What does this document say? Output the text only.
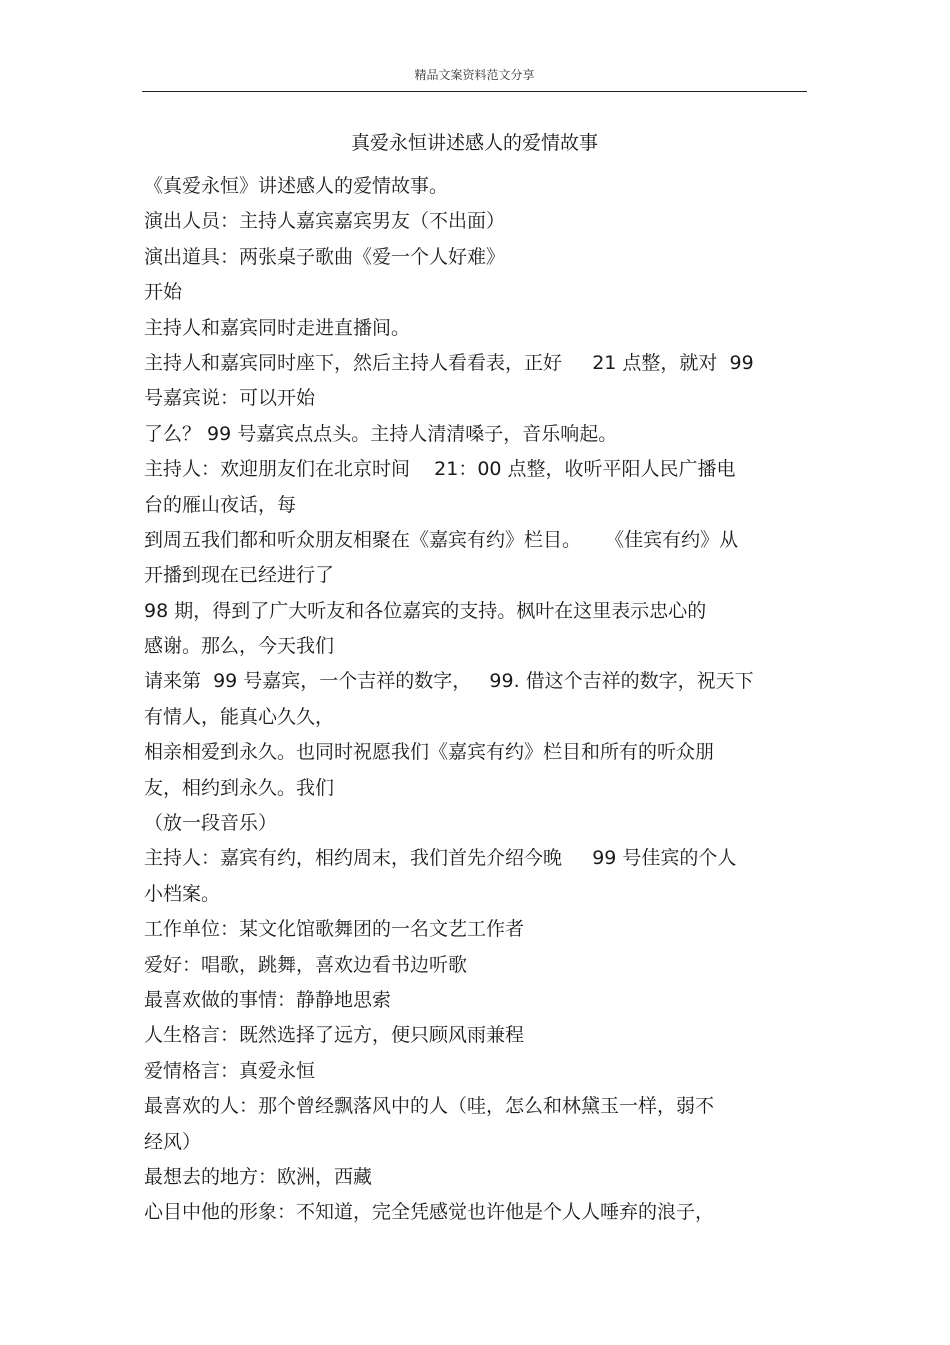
精品文案资料范文分享
真爱永恒讲述感人的爱情故事
《真爱永恒》讲述感人的爱情故事。
演出人员：主持人嘉宾嘉宾男友（不出面）
演出道具：两张桌子歌曲《爱一个人好难》
开始
主持人和嘉宾同时走进直播间。
主持人和嘉宾同时座下，然后主持人看看表，正好     21 点整，就对  99
号嘉宾说：可以开始
了么？ 99 号嘉宾点点头。主持人清清嗓子，音乐响起。
主持人：欢迎朋友们在北京时间    21：00 点整，收听平阳人民广播电
台的雁山夜话，每
到周五我们都和听众朋友相聚在《嘉宾有约》栏目。    《佳宾有约》从
开播到现在已经进行了
98 期，得到了广大听友和各位嘉宾的支持。枫叶在这里表示忠心的
感谢。那么，今天我们
请来第  99 号嘉宾，一个吉祥的数字，   99. 借这个吉祥的数字，祝天下
有情人，能真心久久，
相亲相爱到永久。也同时祝愿我们《嘉宾有约》栏目和所有的听众朋
友，相约到永久。我们
（放一段音乐）
主持人：嘉宾有约，相约周末，我们首先介绍今晚     99 号佳宾的个人
小档案。
工作单位：某文化馆歌舞团的一名文艺工作者
爱好：唱歌，跳舞，喜欢边看书边听歌
最喜欢做的事情：静静地思索
人生格言：既然选择了远方，便只顾风雨兼程
爱情格言：真爱永恒
最喜欢的人：那个曾经飘落风中的人（哇，怎么和林黛玉一样，弱不
经风）
最想去的地方：欧洲，西藏
心目中他的形象：不知道，完全凭感觉也许他是个人人唾弃的浪子，
